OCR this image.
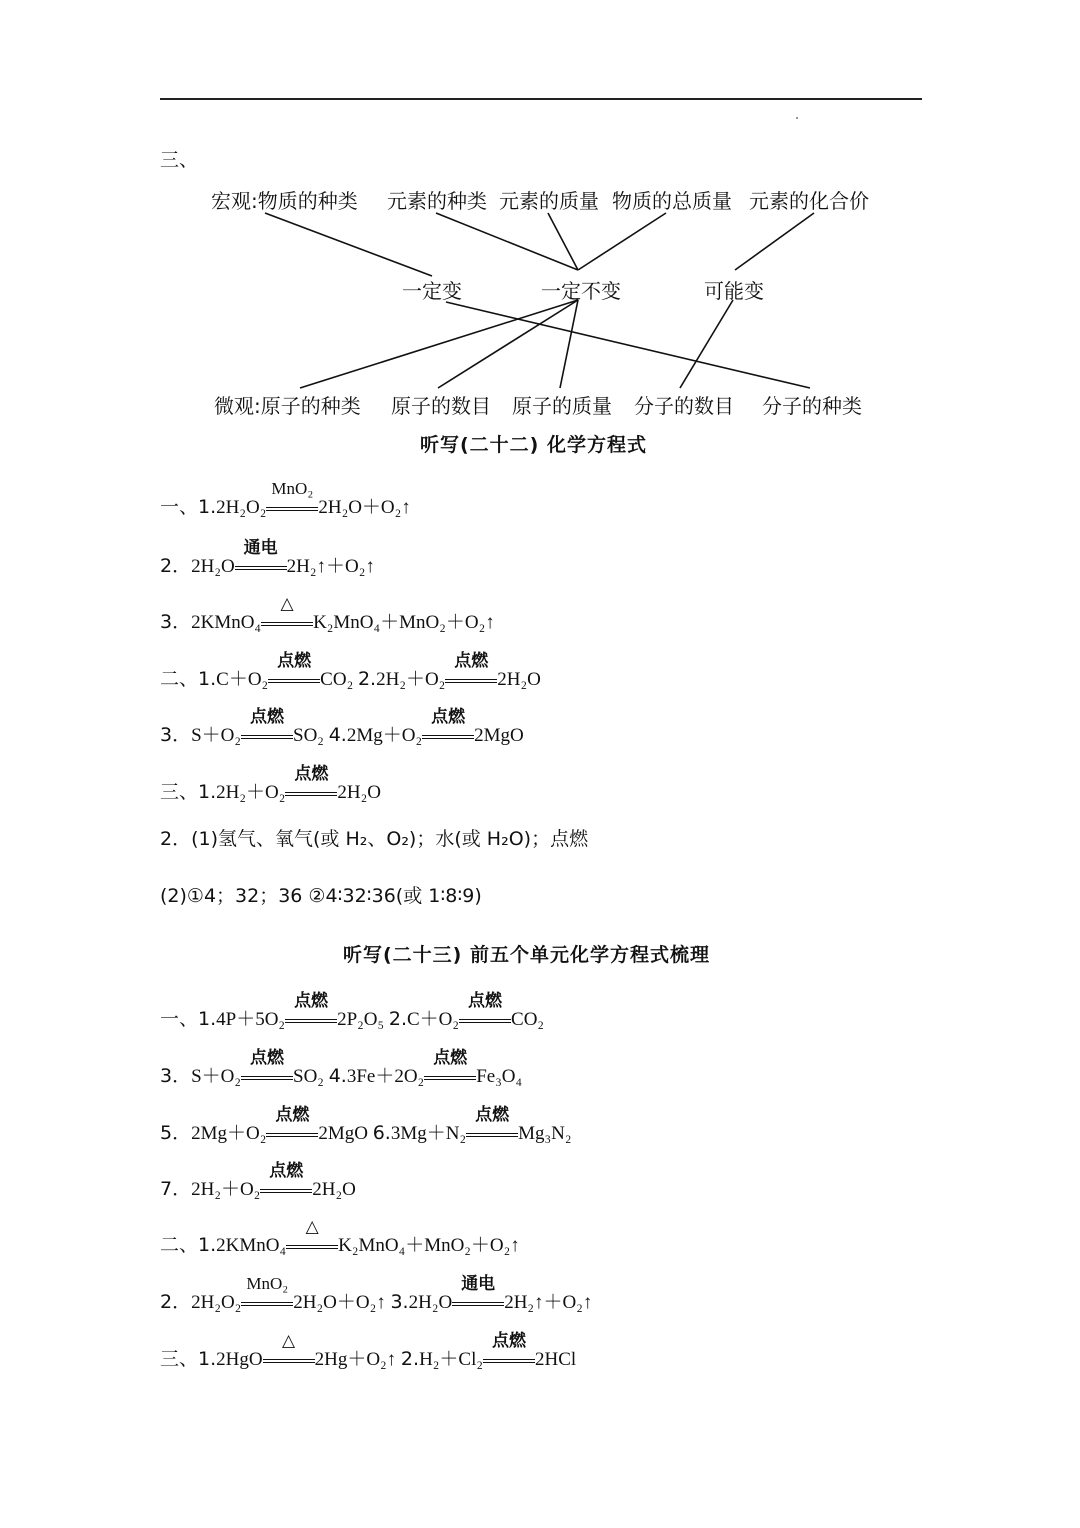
三、
宏观:物质的种类 元素的种类 元素的质量 物质的总质量 元素的化合价
一定变	一定不变	可能变
微观:原子的种类 原子的数目 原子的质量 分子的数目 分子的种类
听写(二十二) 化学方程式
一、1.2H₂O₂
MnO₂
2H₂O＋O₂↑
2．2H₂O
通电
2H₂↑＋O₂↑
3．2KMnO₄
△
K₂MnO₄＋MnO₂＋O₂↑
二、1.C＋O₂
点燃
CO₂ 2.2H₂＋O₂
点燃
2H₂O
3．S＋O₂
点燃
SO₂ 4.2Mg＋O₂
点燃
2MgO
三、1.2H₂＋O₂
点燃
2H₂O
2．(1)氢气、氧气(或 H₂、O₂)；水(或 H₂O)；点燃
(2)①4；32；36 ②4∶32∶36(或 1∶8∶9)
听写(二十三) 前五个单元化学方程式梳理
一、1.4P＋5O₂
点燃
2P₂O₅ 2.C＋O₂
点燃
CO₂
3．S＋O₂
点燃
SO₂ 4.3Fe＋2O₂
点燃
Fe₃O₄
5．2Mg＋O₂
点燃
2MgO 6.3Mg＋N₂
点燃
Mg₃N₂
7．2H₂＋O₂
点燃
2H₂O
二、1.2KMnO₄
△
K₂MnO₄＋MnO₂＋O₂↑
2．2H₂O₂
MnO₂
2H₂O＋O₂↑ 3.2H₂O
通电
2H₂↑＋O₂↑
三、1.2HgO
△
2Hg＋O₂↑ 2.H₂＋Cl₂
点燃
2HCl
